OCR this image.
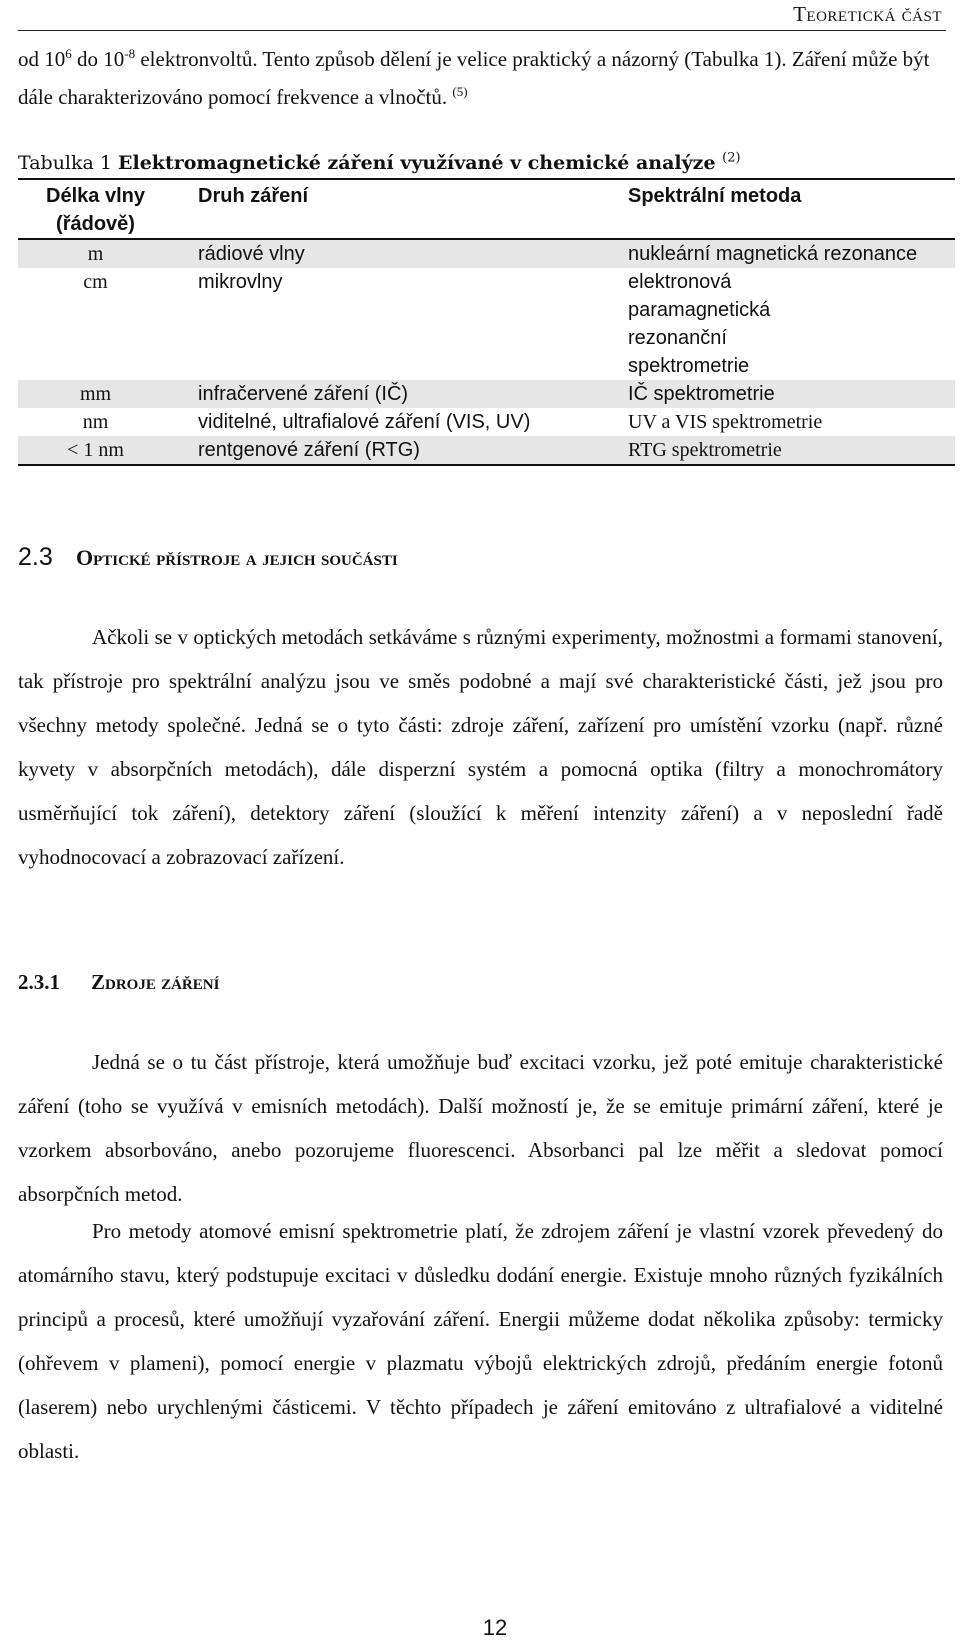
Teoretická část

od $10^6$ do $10^{-8}$ elektronvoltů. Tento způsob dělení je velice praktický a názorný (Tabulka 1). Záření může být dále charakterizováno pomocí frekvence a vlnočtů. $^{(5)}$

Tabulka 1 Elektromagnetické záření využívané v chemické analýze $^{(2)}$
Délka vlny (řádově)	Druh záření	Spektrální metoda
m	rádiové vlny	nukleární magnetická rezonance
cm	mikrovlny	elektronová paramagnetická rezonanční spektrometrie
mm	infračervené záření (IČ)	IČ spektrometrie
nm	viditelné, ultrafialové záření (VIS, UV)	UV a VIS spektrometrie
< 1 nm	rentgenové záření (RTG)	RTG spektrometrie
2.3 Optické přístroje a jejich součásti

Ačkoli se v optických metodách setkáváme s různými experimenty, možnostmi a formami stanovení, tak přístroje pro spektrální analýzu jsou ve směs podobné a mají své charakteristické části, jež jsou pro všechny metody společné. Jedná se o tyto části: zdroje záření, zařízení pro umístění vzorku (např. různé kyvety v absorpčních metodách), dále disperzní systém a pomocná optika (filtry a monochromátory usměrňující tok záření), detektory záření (sloužící k měření intenzity záření) a v neposlední řadě vyhodnocovací a zobrazovací zařízení.

2.3.1 Zdroje záření

Jedná se o tu část přístroje, která umožňuje buď excitaci vzorku, jež poté emituje charakteristické záření (toho se využívá v emisních metodách). Další možností je, že se emituje primární záření, které je vzorkem absorbováno, anebo pozorujeme fluorescenci. Absorbanci pal lze měřit a sledovat pomocí absorpčních metod.

Pro metody atomové emisní spektrometrie platí, že zdrojem záření je vlastní vzorek převedený do atomárního stavu, který podstupuje excitaci v důsledku dodání energie. Existuje mnoho různých fyzikálních principů a procesů, které umožňují vyzařování záření. Energii můžeme dodat několika způsoby: termicky (ohřevem v plameni), pomocí energie v plazmatu výbojů elektrických zdrojů, předáním energie fotonů (laserem) nebo urychlenými částicemi. V těchto případech je záření emitováno z ultrafialové a viditelné oblasti.

12
